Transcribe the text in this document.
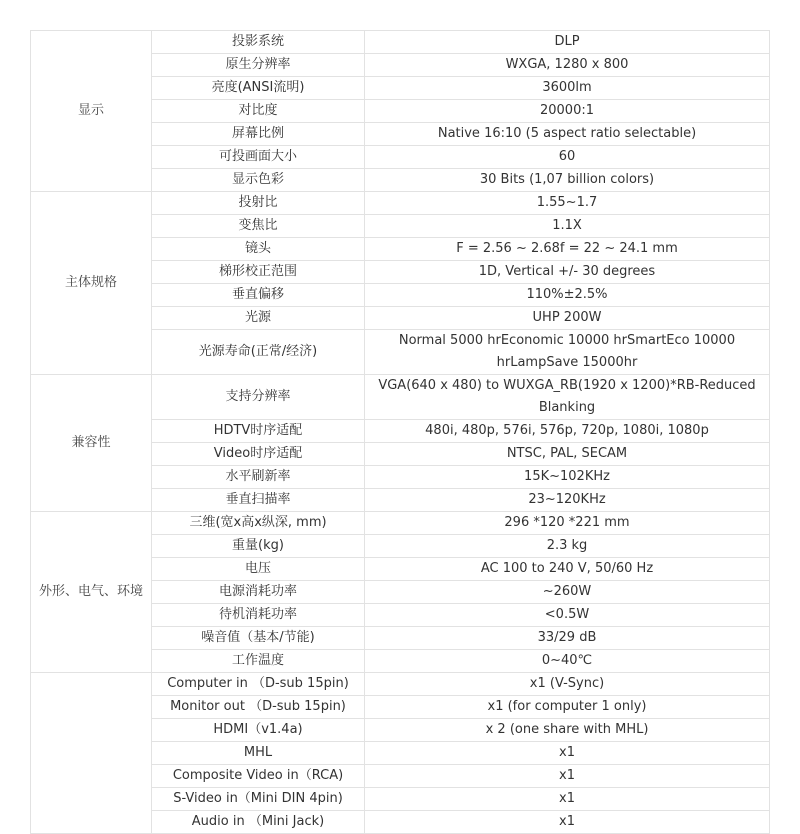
显示	投影系统	DLP
	原生分辨率	WXGA, 1280 x 800
	亮度(ANSI流明)	3600lm
	对比度	20000:1
	屏幕比例	Native 16:10 (5 aspect ratio selectable)
	可投画面大小	60
	显示色彩	30 Bits (1,07 billion colors)
主体规格	投射比	1.55~1.7
	变焦比	1.1X
	镜头	F = 2.56 ~ 2.68f = 22 ~ 24.1 mm
	梯形校正范围	1D, Vertical +/- 30 degrees
	垂直偏移	110%±2.5%
	光源	UHP 200W
	光源寿命(正常/经济)	Normal 5000 hrEconomic 10000 hrSmartEco 10000 hrLampSave 15000hr
兼容性	支持分辨率	VGA(640 x 480) to WUXGA_RB(1920 x 1200)*RB-Reduced Blanking
	HDTV时序适配	480i, 480p, 576i, 576p, 720p, 1080i, 1080p
	Video时序适配	NTSC, PAL, SECAM
	水平刷新率	15K~102KHz
	垂直扫描率	23~120KHz
外形、电气、环境	三维(宽x高x纵深, mm)	296 *120 *221 mm
	重量(kg)	2.3 kg
	电压	AC 100 to 240 V, 50/60 Hz
	电源消耗功率	~260W
	待机消耗功率	<0.5W
	噪音值（基本/节能)	33/29 dB
	工作温度	0~40℃
	Computer in （D-sub 15pin)	x1 (V-Sync)
	Monitor out （D-sub 15pin)	x1 (for computer 1 only)
	HDMI（v1.4a)	x 2 (one share with MHL)
	MHL	x1
	Composite Video in（RCA)	x1
	S-Video in（Mini DIN 4pin)	x1
	Audio in （Mini Jack)	x1
